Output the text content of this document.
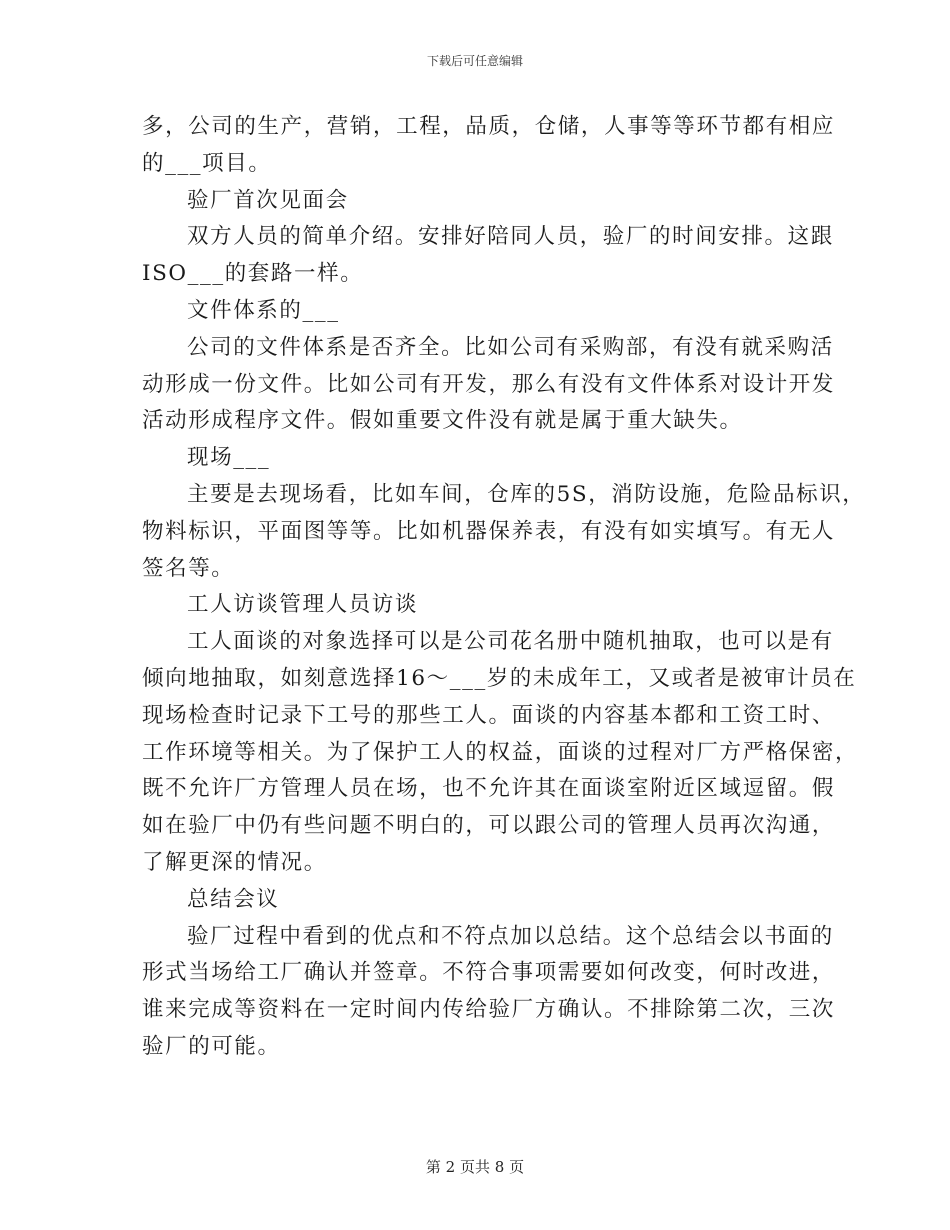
下载后可任意编辑
多，公司的生产，营销，工程，品质，仓储，人事等等环节都有相应
的___项目。
验厂首次见面会
双方人员的简单介绍。安排好陪同人员，验厂的时间安排。这跟
ISO___的套路一样。
文件体系的___
公司的文件体系是否齐全。比如公司有采购部，有没有就采购活
动形成一份文件。比如公司有开发，那么有没有文件体系对设计开发
活动形成程序文件。假如重要文件没有就是属于重大缺失。
现场___
主要是去现场看，比如车间，仓库的5S，消防设施，危险品标识，
物料标识，平面图等等。比如机器保养表，有没有如实填写。有无人
签名等。
工人访谈管理人员访谈
工人面谈的对象选择可以是公司花名册中随机抽取，也可以是有
倾向地抽取，如刻意选择16～___岁的未成年工，又或者是被审计员在
现场检查时记录下工号的那些工人。面谈的内容基本都和工资工时、
工作环境等相关。为了保护工人的权益，面谈的过程对厂方严格保密，
既不允许厂方管理人员在场，也不允许其在面谈室附近区域逗留。假
如在验厂中仍有些问题不明白的，可以跟公司的管理人员再次沟通，
了解更深的情况。
总结会议
验厂过程中看到的优点和不符点加以总结。这个总结会以书面的
形式当场给工厂确认并签章。不符合事项需要如何改变，何时改进，
谁来完成等资料在一定时间内传给验厂方确认。不排除第二次，三次
验厂的可能。
第 2 页共 8 页
